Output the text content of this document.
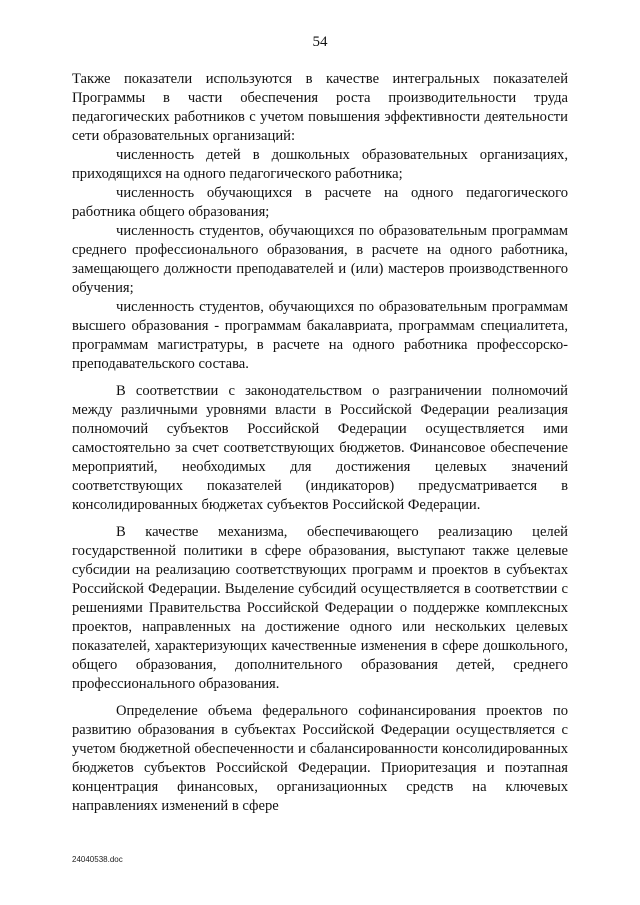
54

Также показатели используются в качестве интегральных показателей Программы в части обеспечения роста производительности труда педагогических работников с учетом повышения эффективности деятельности сети образовательных организаций:

численность детей в дошкольных образовательных организациях, приходящихся на одного педагогического работника;

численность обучающихся в расчете на одного педагогического работника общего образования;

численность студентов, обучающихся по образовательным программам среднего профессионального образования, в расчете на одного работника, замещающего должности преподавателей и (или) мастеров производственного обучения;

численность студентов, обучающихся по образовательным программам высшего образования - программам бакалавриата, программам специалитета, программам магистратуры, в расчете на одного работника профессорско-преподавательского состава.

В соответствии с законодательством о разграничении полномочий между различными уровнями власти в Российской Федерации реализация полномочий субъектов Российской Федерации осуществляется ими самостоятельно за счет соответствующих бюджетов. Финансовое обеспечение мероприятий, необходимых для достижения целевых значений соответствующих показателей (индикаторов) предусматривается в консолидированных бюджетах субъектов Российской Федерации.

В качестве механизма, обеспечивающего реализацию целей государственной политики в сфере образования, выступают также целевые субсидии на реализацию соответствующих программ и проектов в субъектах Российской Федерации. Выделение субсидий осуществляется в соответствии с решениями Правительства Российской Федерации о поддержке комплексных проектов, направленных на достижение одного или нескольких целевых показателей, характеризующих качественные изменения в сфере дошкольного, общего образования, дополнительного образования детей, среднего профессионального образования.

Определение объема федерального софинансирования проектов по развитию образования в субъектах Российской Федерации осуществляется с учетом бюджетной обеспеченности и сбалансированности консолидированных бюджетов субъектов Российской Федерации. Приоритезация и поэтапная концентрация финансовых, организационных средств на ключевых направлениях изменений в сфере

24040538.doc
